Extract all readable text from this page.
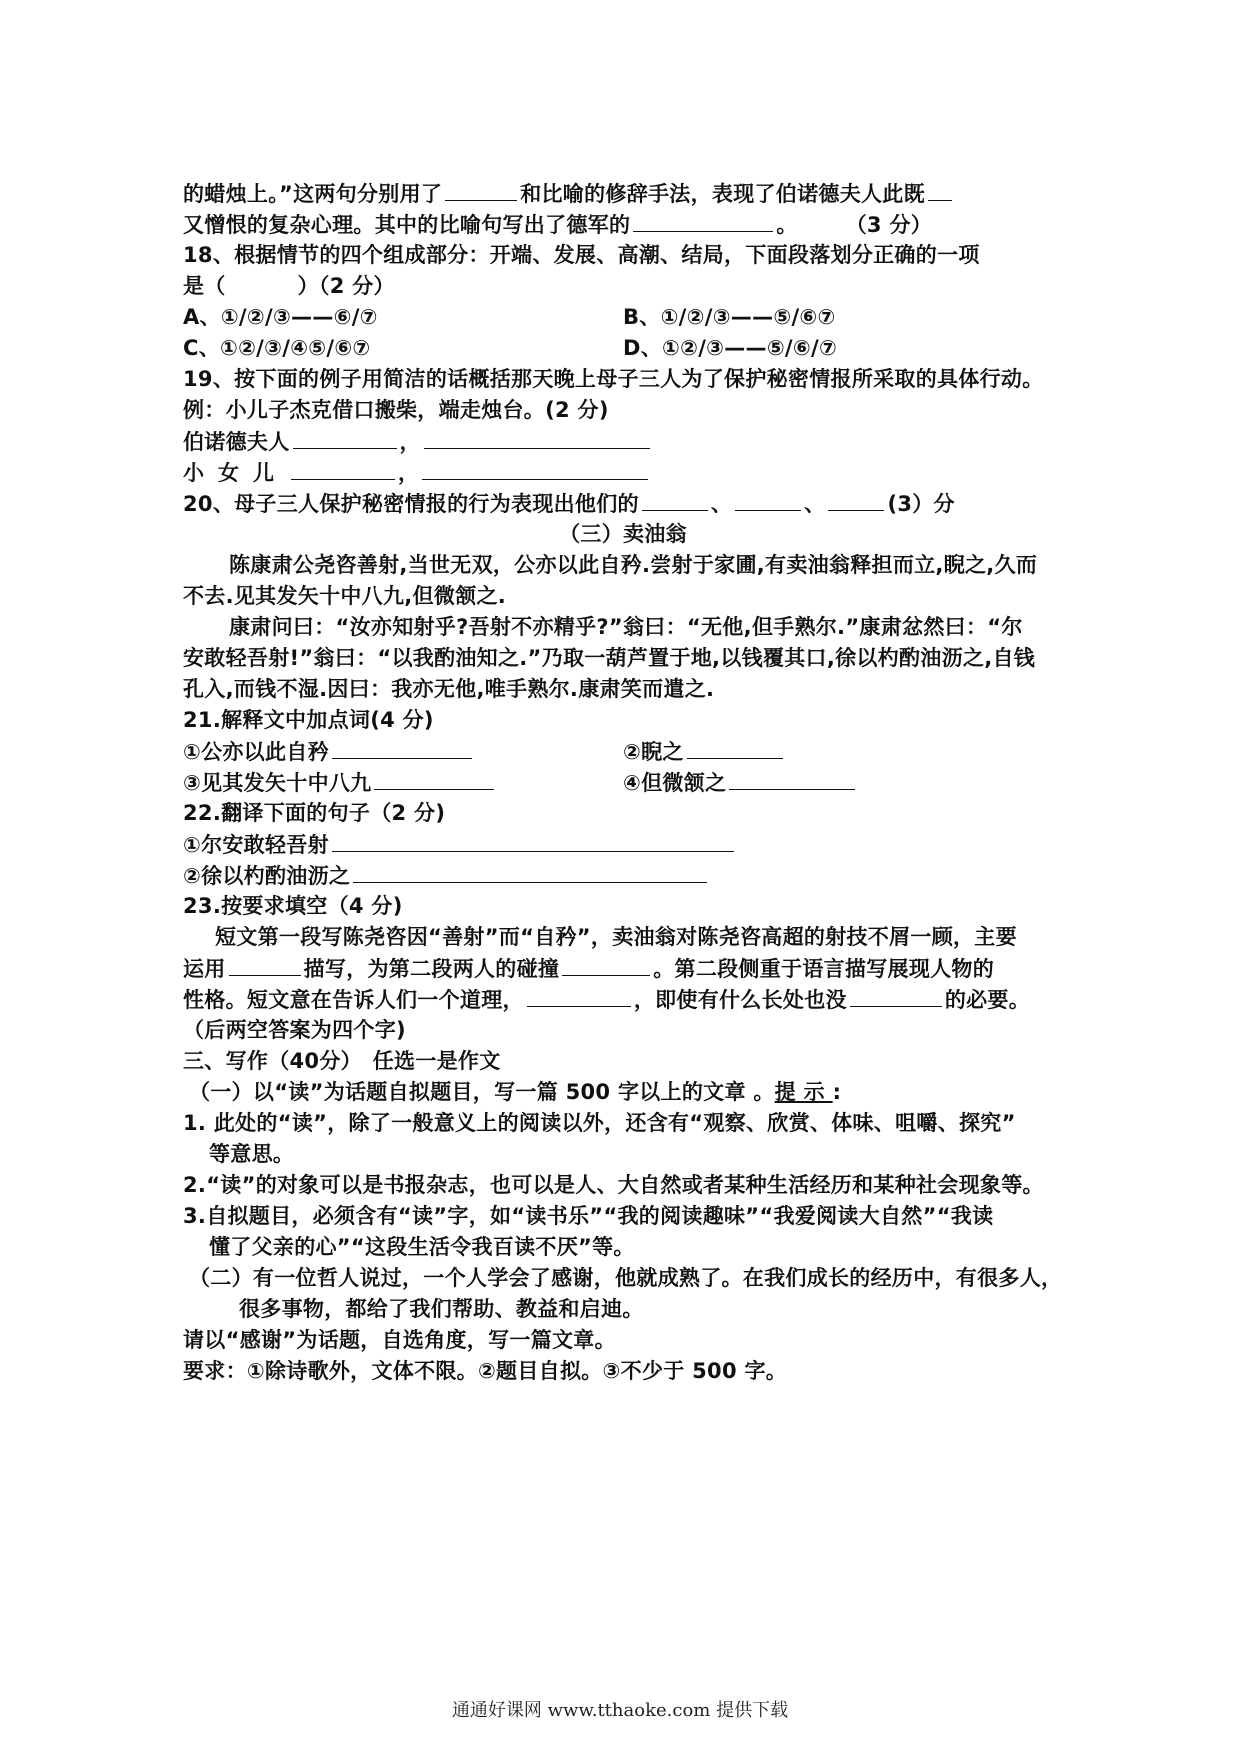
的蜡烛上。”这两句分别用了	和比喻的修辞手法，表现了伯诺德夫人此既
又憎恨的复杂心理。其中的比喻句写出了德军的	。 （3 分）
18、根据情节的四个组成部分：开端、发展、高潮、结局，下面段落划分正确的一项
是（	）（2 分）
A、①/②/③——⑥/⑦	B、①/②/③——⑤/⑥⑦
C、①②/③/④⑤/⑥⑦	D、①②/③——⑤/⑥/⑦
19、按下面的例子用简洁的话概括那天晚上母子三人为了保护秘密情报所采取的具体行动。
例：小儿子杰克借口搬柴，端走烛台。(2 分)
伯诺德夫人	，
小女儿	，
20、母子三人保护秘密情报的行为表现出他们的	、	、	(3）分
（三）卖油翁
陈康肃公尧咨善射,当世无双，公亦以此自矜.尝射于家圃,有卖油翁释担而立,睨之,久而
不去.见其发矢十中八九,但微颔之.
康肃问曰：“汝亦知射乎?吾射不亦精乎?”翁曰：“无他,但手熟尔.”康肃忿然曰：“尔
安敢轻吾射!”翁曰：“以我酌油知之.”乃取一葫芦置于地,以钱覆其口,徐以杓酌油沥之,自钱
孔入,而钱不湿.因曰：我亦无他,唯手熟尔.康肃笑而遣之.
21.解释文中加点词(4 分)
①公亦以此自矜	②睨之
③见其发矢十中八九	④但微颔之
22.翻译下面的句子（2 分)
①尔安敢轻吾射
②徐以杓酌油沥之
23.按要求填空（4 分)
短文第一段写陈尧咨因“善射”而“自矜”，卖油翁对陈尧咨高超的射技不屑一顾，主要
运用	描写，为第二段两人的碰撞	。第二段侧重于语言描写展现人物的
性格。短文意在告诉人们一个道理，	，即使有什么长处也没	的必要。
（后两空答案为四个字)
三、写作（40分）　任选一是作文
（一）以“读”为话题自拟题目，写一篇 500 字以上的文章 。提示:
1. 此处的“读”，除了一般意义上的阅读以外，还含有“观察、欣赏、体味、咀嚼、探究”
等意思。
2.“读”的对象可以是书报杂志，也可以是人、大自然或者某种生活经历和某种社会现象等。
3.自拟题目，必须含有“读”字，如“读书乐”“我的阅读趣味”“我爱阅读大自然”“我读
懂了父亲的心”“这段生活令我百读不厌”等。
（二）有一位哲人说过，一个人学会了感谢，他就成熟了。在我们成长的经历中，有很多人，
很多事物，都给了我们帮助、教益和启迪。
请以“感谢”为话题，自选角度，写一篇文章。
要求：①除诗歌外，文体不限。②题目自拟。③不少于 500 字。
通通好课网 www.tthaoke.com 提供下载
